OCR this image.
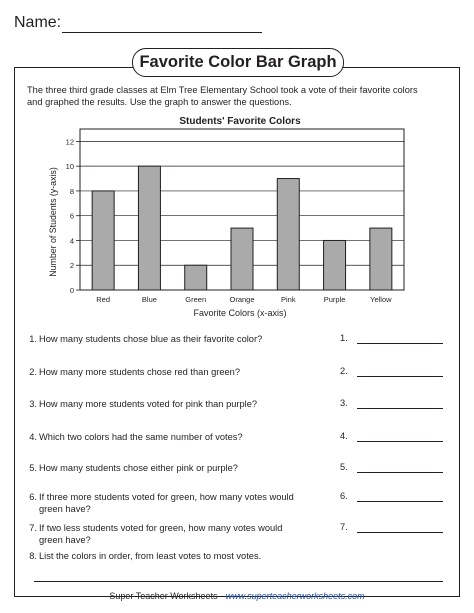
Name:
Favorite Color Bar Graph
The three third grade classes at Elm Tree Elementary School took a vote of their favorite colors
and graphed the results. Use the graph to answer the questions.
Students' Favorite Colors
Number of Students (y-axis)
Favorite Colors (x-axis)
0
2
4
6
8
10
12
Red	Blue	Green	Orange	Pink	Purple	Yellow
1. How many students chose blue as their favorite color?	1.
2. How many more students chose red than green?	2.
3. How many more students voted for pink than purple?	3.
4. Which two colors had the same number of votes?	4.
5. How many students chose either pink or purple?	5.
6. If three more students voted for green, how many votes would
green have?
6.
7. If two less students voted for green, how many votes would
green have?
7.
8. List the colors in order, from least votes to most votes.
Super Teacher Worksheets - www.superteacherworksheets.com
